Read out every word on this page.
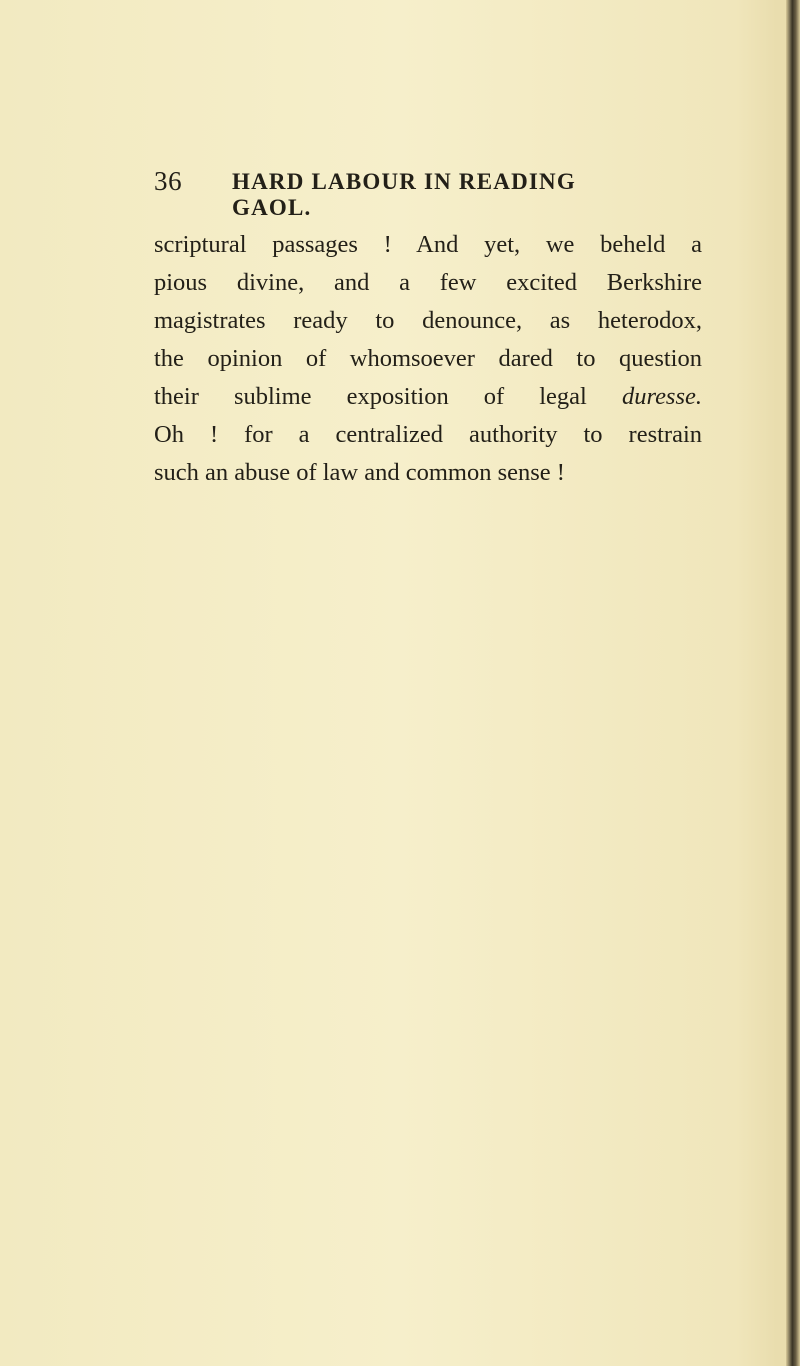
36 HARD LABOUR IN READING GAOL.
scriptural passages ! And yet, we beheld a
pious divine, and a few excited Berkshire
magistrates ready to denounce, as heterodox,
the opinion of whomsoever dared to question
their sublime exposition of legal duresse.
Oh ! for a centralized authority to restrain
such an abuse of law and common sense !
